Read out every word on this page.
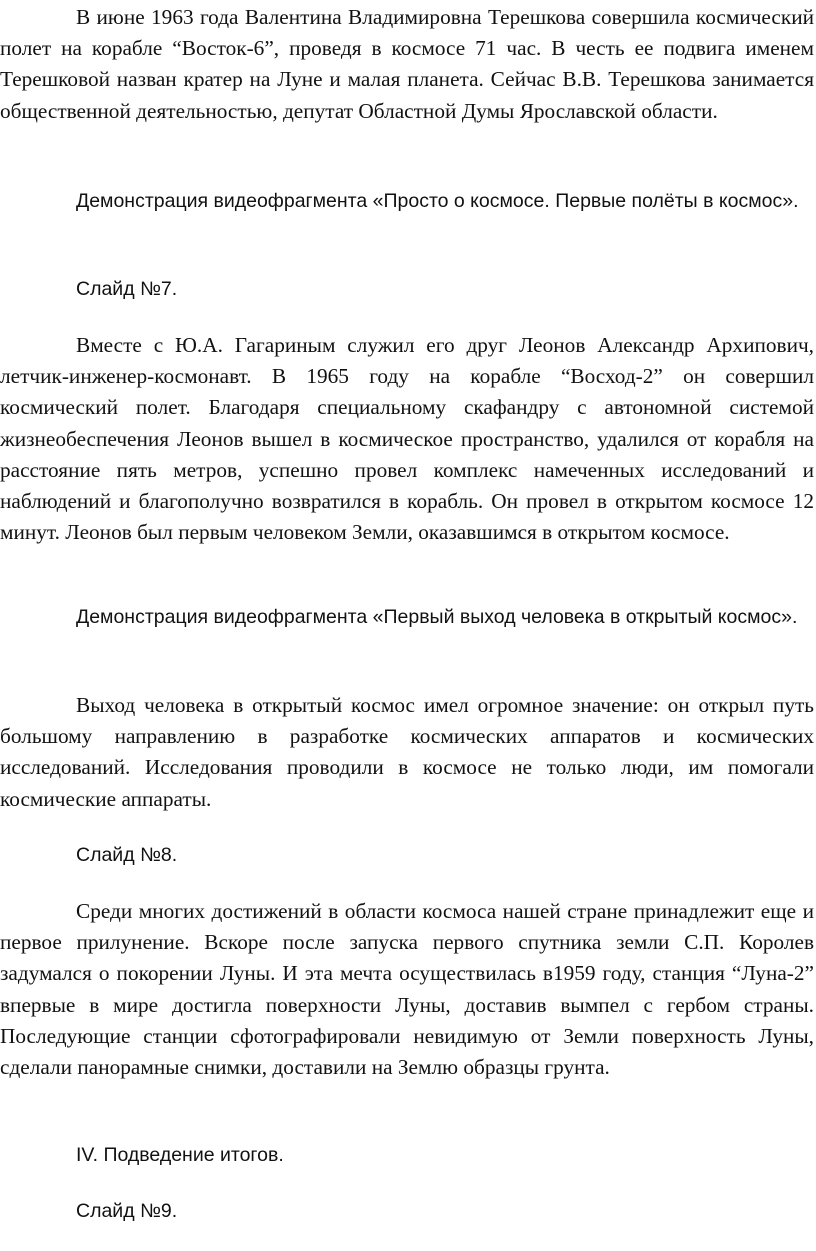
В июне 1963 года Валентина Владимировна Терешкова совершила космический полет на корабле “Восток-6”, проведя в космосе 71 час. В честь ее подвига именем Терешковой назван кратер на Луне и малая планета. Сейчас В.В. Терешкова занимается общественной деятельностью, депутат Областной Думы Ярославской области.

Демонстрация видеофрагмента «Просто о космосе. Первые полёты в космос».

Слайд №7.

Вместе с Ю.А. Гагариным служил его друг Леонов Александр Архипович, летчик-инженер-космонавт. В 1965 году на корабле “Восход-2” он совершил космический полет. Благодаря специальному скафандру с автономной системой жизнеобеспечения Леонов вышел в космическое пространство, удалился от корабля на расстояние пять метров, успешно провел комплекс намеченных исследований и наблюдений и благополучно возвратился в корабль. Он провел в открытом космосе 12 минут. Леонов был первым человеком Земли, оказавшимся в открытом космосе.

Демонстрация видеофрагмента «Первый выход человека в открытый космос».

Выход человека в открытый космос имел огромное значение: он открыл путь большому направлению в разработке космических аппаратов и космических исследований. Исследования проводили в космосе не только люди, им помогали космические аппараты.

Слайд №8.

Среди многих достижений в области космоса нашей стране принадлежит еще и первое прилунение. Вскоре после запуска первого спутника земли С.П. Королев задумался о покорении Луны. И эта мечта осуществилась в1959 году, станция “Луна-2” впервые в мире достигла поверхности Луны, доставив вымпел с гербом страны. Последующие станции сфотографировали невидимую от Земли поверхность Луны, сделали панорамные снимки, доставили на Землю образцы грунта.

IV. Подведение итогов.

Слайд №9.
